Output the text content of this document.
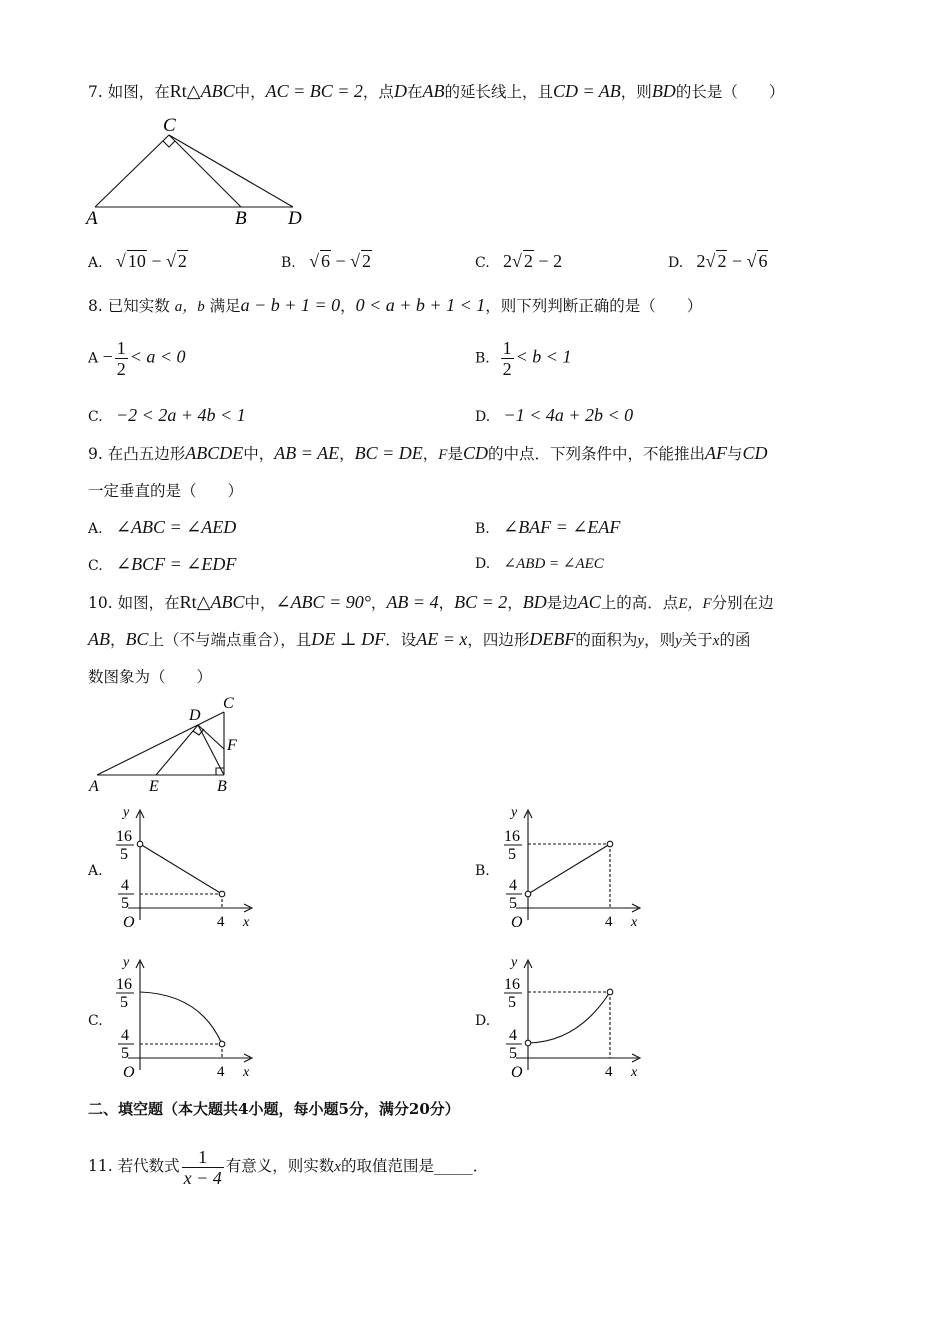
7. 如图，在Rt△ABC中，AC = BC = 2，点D在AB的延长线上，且CD = AB，则BD的长是（　　）
C
A	B D
A. √ 10 − √ 2	B. √ 6 − √ 2	C. 2√ 2 − 2	D. 2√ 2 − √ 6
8. 已知实数 a，b 满足a − b + 1 = 0，0 < a + b + 1 < 1，则下列判断正确的是（　　）
$A - \frac{1}{2} < a < 0$	B. $\frac{1}{2} < b < 1$
C. −2 < 2a + 4b < 1	D. −1 < 4a + 2b < 0
9. 在凸五边形ABCDE中，AB = AE，BC = DE，F是CD的中点．下列条件中，不能推出AF与CD
一定垂直的是（　　）
A. ∠ABC = ∠AED	B. ∠BAF = ∠EAF
C. ∠BCF = ∠EDF	D. ∠ABD = ∠AEC
10. 如图，在Rt△ABC中，∠ABC = 90°，AB = 4，BC = 2，BD是边AC上的高．点E，F分别在边
AB，BC上（不与端点重合），且DE ⊥ DF．设AE = x，四边形DEBF的面积为y，则y关于x的函
数图象为（　　）
D
C
F
A	E	B
A.	B.
C.	D.
y
16
5
4
5
O	4 x
y
16
5
4
5
O	4 x
y
16
5
4
5
O	4 x
y
16
5
4
5
O	4 x
二、填空题（本大题共4小题，每小题5分，满分20分）
11. 若代数式 $\frac{1}{x - 4}$ 有意义，则实数x的取值范围是_____．
